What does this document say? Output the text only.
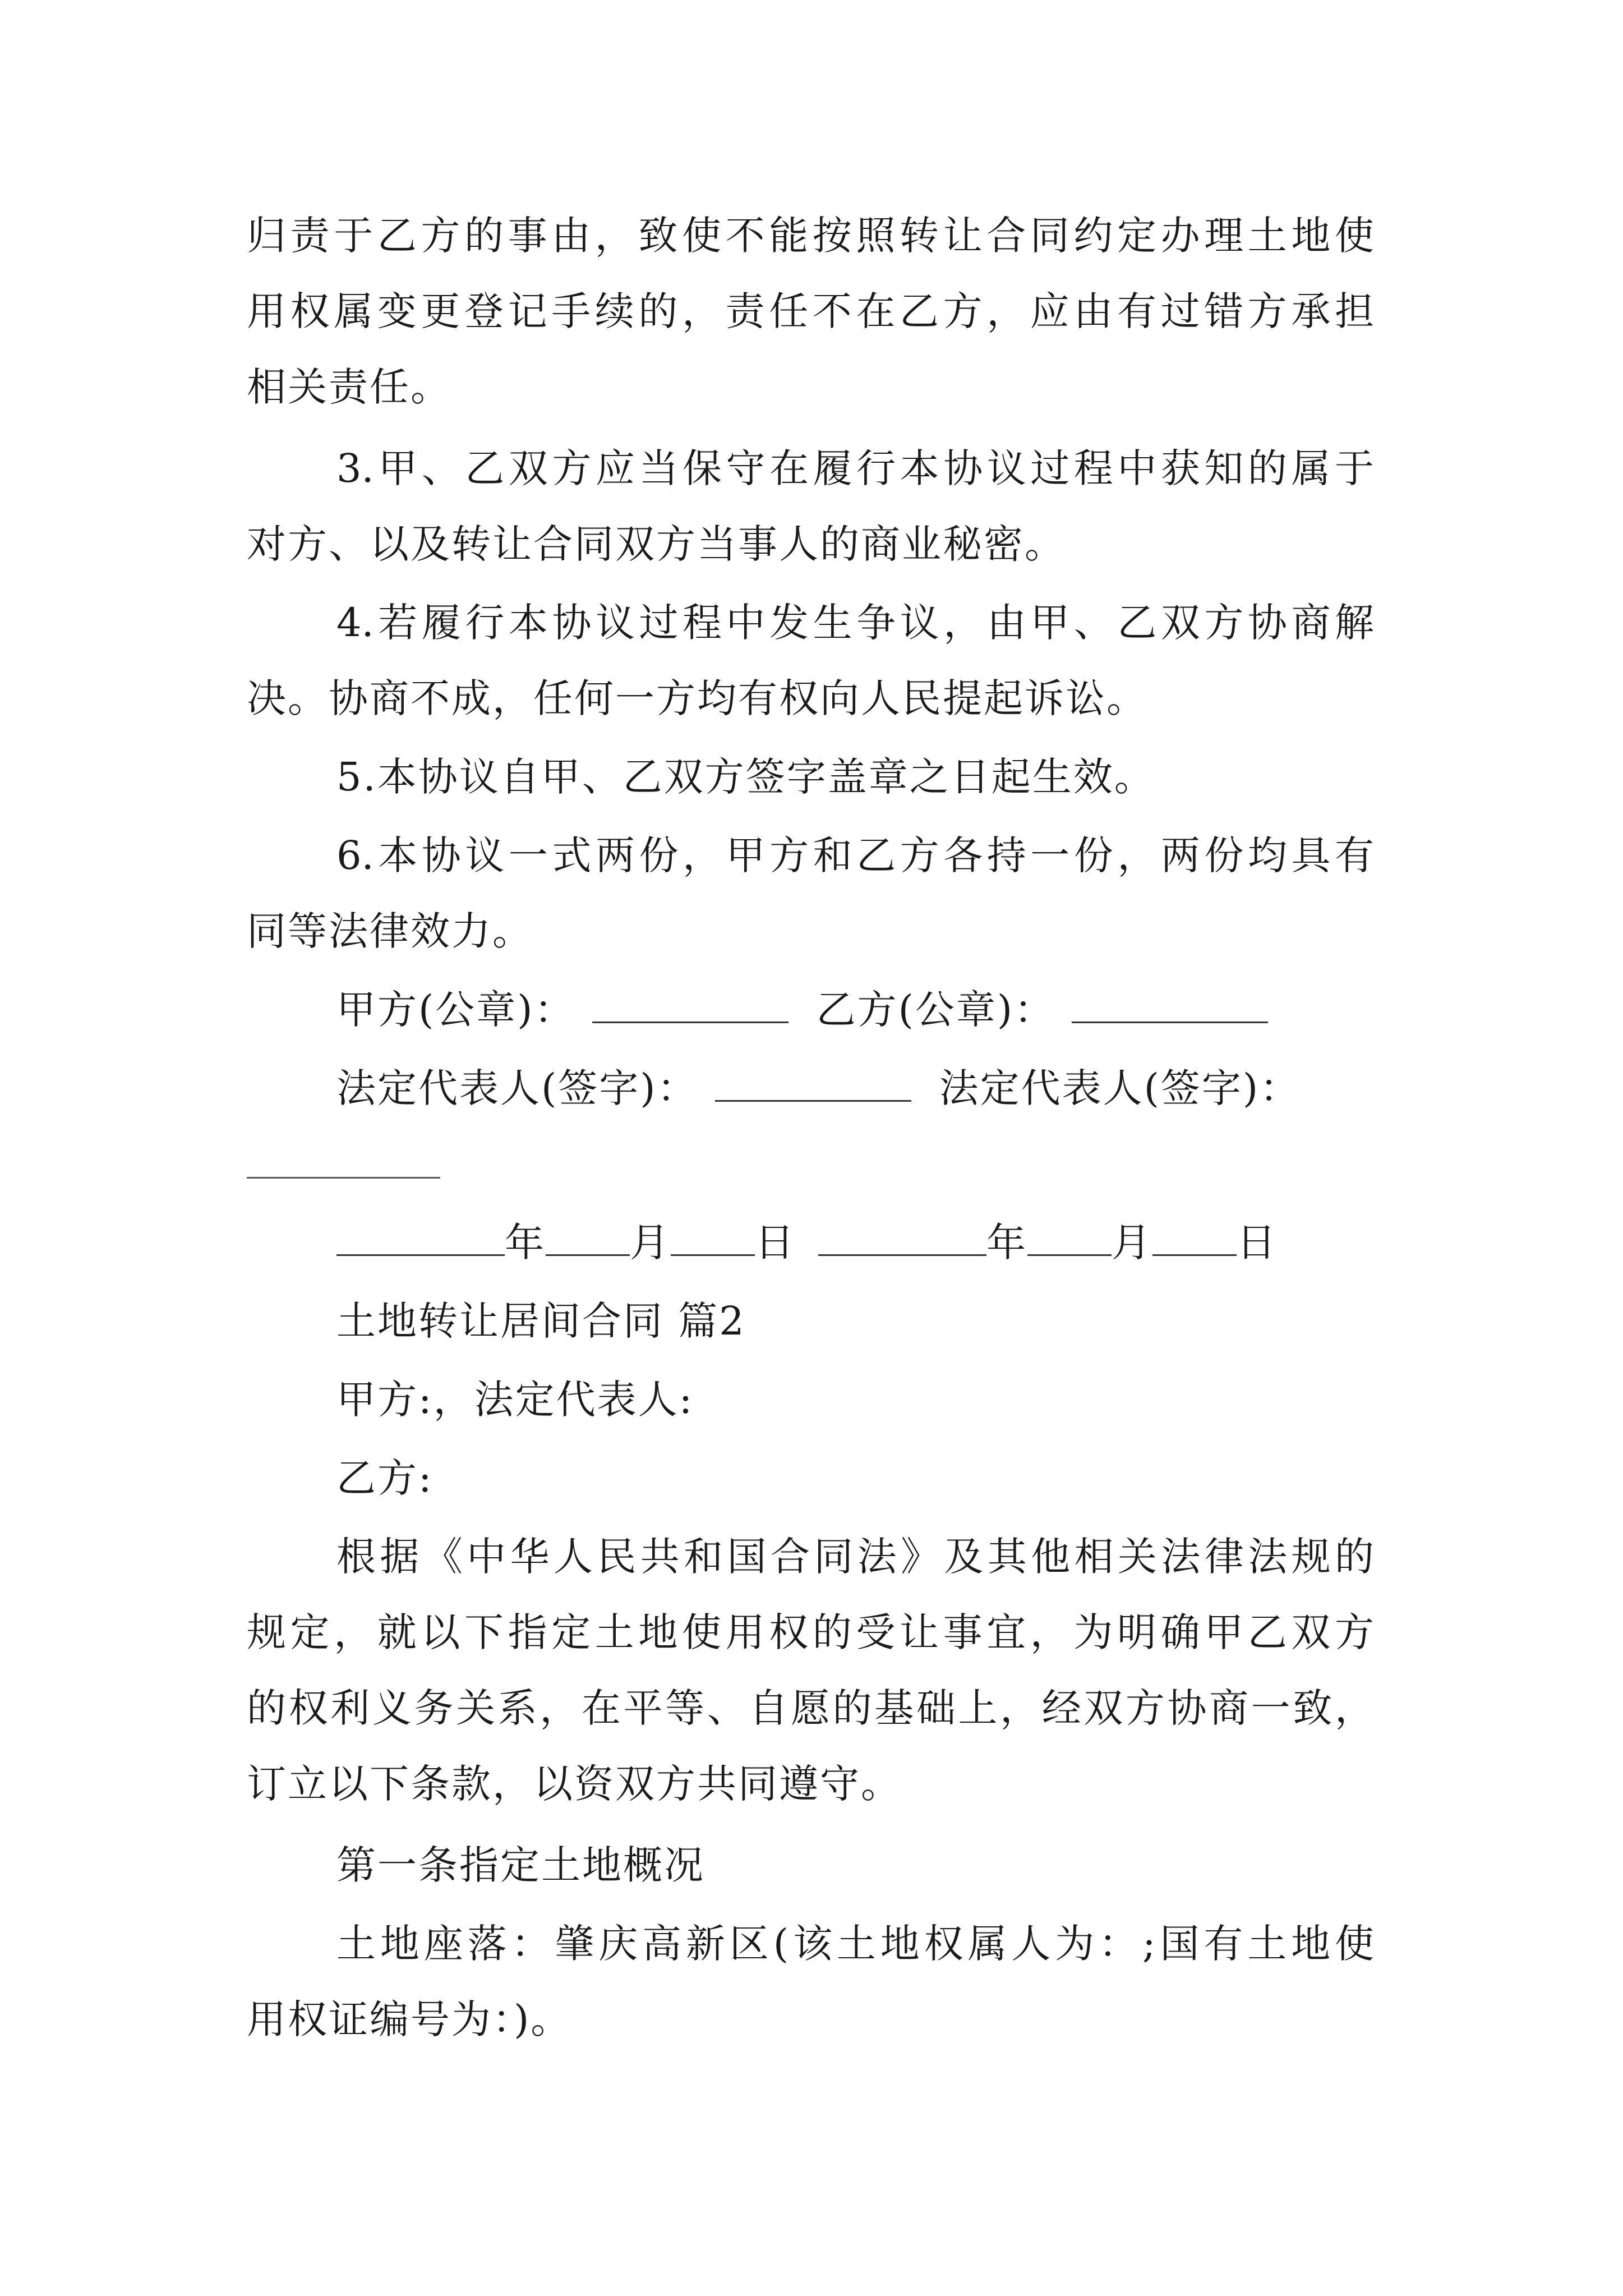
归责于乙方的事由，致使不能按照转让合同约定办理土地使
用权属变更登记手续的，责任不在乙方，应由有过错方承担
相关责任。
3.甲、乙双方应当保守在履行本协议过程中获知的属于
对方、以及转让合同双方当事人的商业秘密。
4.若履行本协议过程中发生争议，由甲、乙双方协商解
决。协商不成，任何一方均有权向人民提起诉讼。
5.本协议自甲、乙双方签字盖章之日起生效。
6.本协议一式两份，甲方和乙方各持一份，两份均具有
同等法律效力。
甲方(公章)：	乙方(公章)：
法定代表人(签字)：	法定代表人(签字)：
年 月 日	年 月 日
土地转让居间合同 篇2
甲方:，法定代表人:
乙方:
根据《中华人民共和国合同法》及其他相关法律法规的
规定，就以下指定土地使用权的受让事宜，为明确甲乙双方
的权利义务关系，在平等、自愿的基础上，经双方协商一致，
订立以下条款，以资双方共同遵守。
第一条指定土地概况
土地座落：肇庆高新区(该土地权属人为：;国有土地使
用权证编号为：)。
